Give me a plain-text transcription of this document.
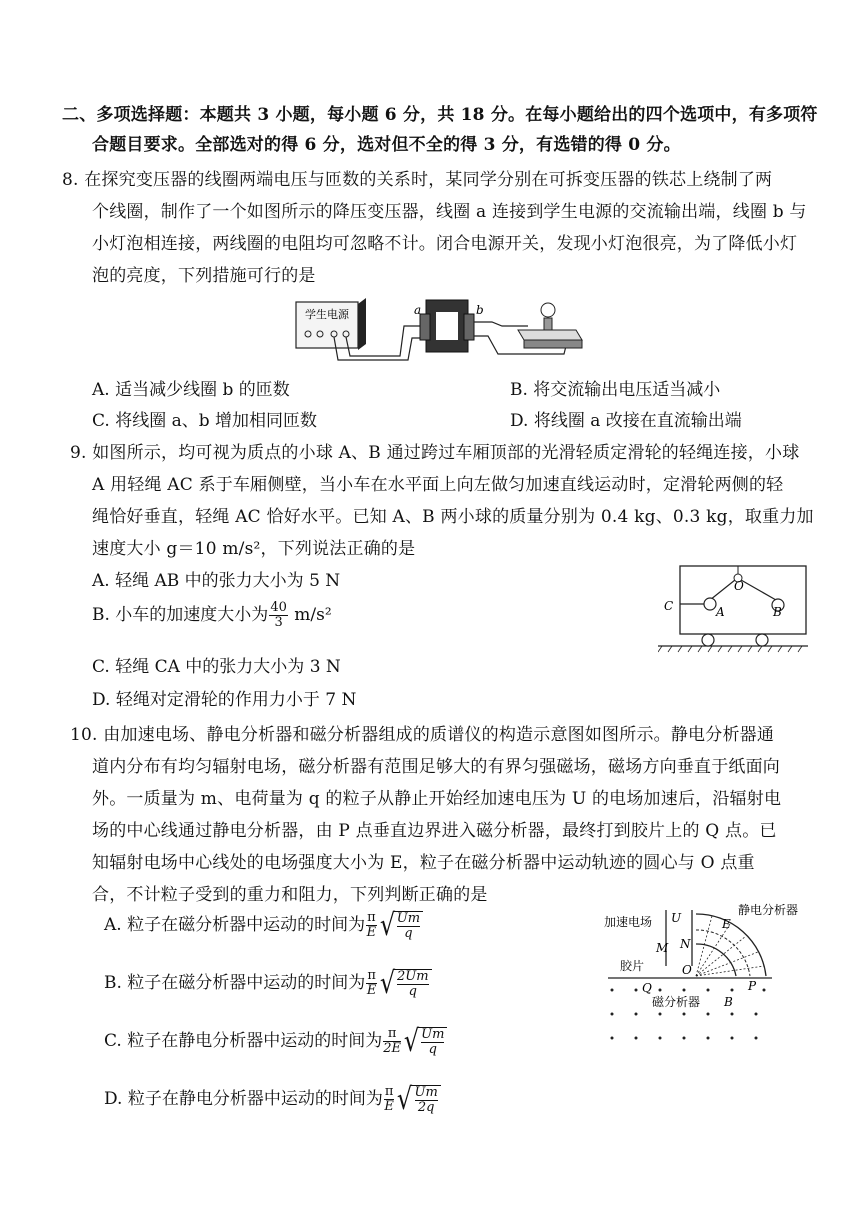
二、多项选择题：本题共 3 小题，每小题 6 分，共 18 分。在每小题给出的四个选项中，有多项符
合题目要求。全部选对的得 6 分，选对但不全的得 3 分，有选错的得 0 分。
8. 在探究变压器的线圈两端电压与匝数的关系时，某同学分别在可拆变压器的铁芯上绕制了两
个线圈，制作了一个如图所示的降压变压器，线圈 a 连接到学生电源的交流输出端，线圈 b 与
小灯泡相连接，两线圈的电阻均可忽略不计。闭合电源开关，发现小灯泡很亮，为了降低小灯
泡的亮度，下列措施可行的是
学生电源	a	b
A. 适当减少线圈 b 的匝数	B. 将交流输出电压适当减小
C. 将线圈 a、b 增加相同匝数	D. 将线圈 a 改接在直流输出端
9. 如图所示，均可视为质点的小球 A、B 通过跨过车厢顶部的光滑轻质定滑轮的轻绳连接，小球
A 用轻绳 AC 系于车厢侧壁，当小车在水平面上向左做匀加速直线运动时，定滑轮两侧的轻
绳恰好垂直，轻绳 AC 恰好水平。已知 A、B 两小球的质量分别为 0.4 kg、0.3 kg，取重力加
速度大小 g＝10 m/s²，下列说法正确的是
A. 轻绳 AB 中的张力大小为 5 N
B. 小车的加速度大小为 $\frac{40}{3} m/s^2$
C. 轻绳 CA 中的张力大小为 3 N
D. 轻绳对定滑轮的作用力小于 7 N
O
A	B
C
10. 由加速电场、静电分析器和磁分析器组成的质谱仪的构造示意图如图所示。静电分析器通
道内分布有均匀辐射电场，磁分析器有范围足够大的有界匀强磁场，磁场方向垂直于纸面向
外。一质量为 m、电荷量为 q 的粒子从静止开始经加速电压为 U 的电场加速后，沿辐射电
场的中心线通过静电分析器，由 P 点垂直边界进入磁分析器，最终打到胶片上的 Q 点。已
知辐射电场中心线处的电场强度大小为 E，粒子在磁分析器中运动轨迹的圆心与 O 点重
合，不计粒子受到的重力和阻力，下列判断正确的是
A. 粒子在磁分析器中运动的时间为 $\frac{\pi}{E}$ √
$\frac{Um}{q}$
B. 粒子在磁分析器中运动的时间为 $\frac{\pi}{E}$ √
$\frac{2Um}{q}$
C. 粒子在静电分析器中运动的时间为 $\frac{\pi}{2E}$ √
$\frac{Um}{q}$
D. 粒子在静电分析器中运动的时间为 $\frac{\pi}{E}$ √
$\frac{Um}{2q}$
加速电场 U
M N
E
静电分析器
O
胶片
Q	P
磁分析器 B
